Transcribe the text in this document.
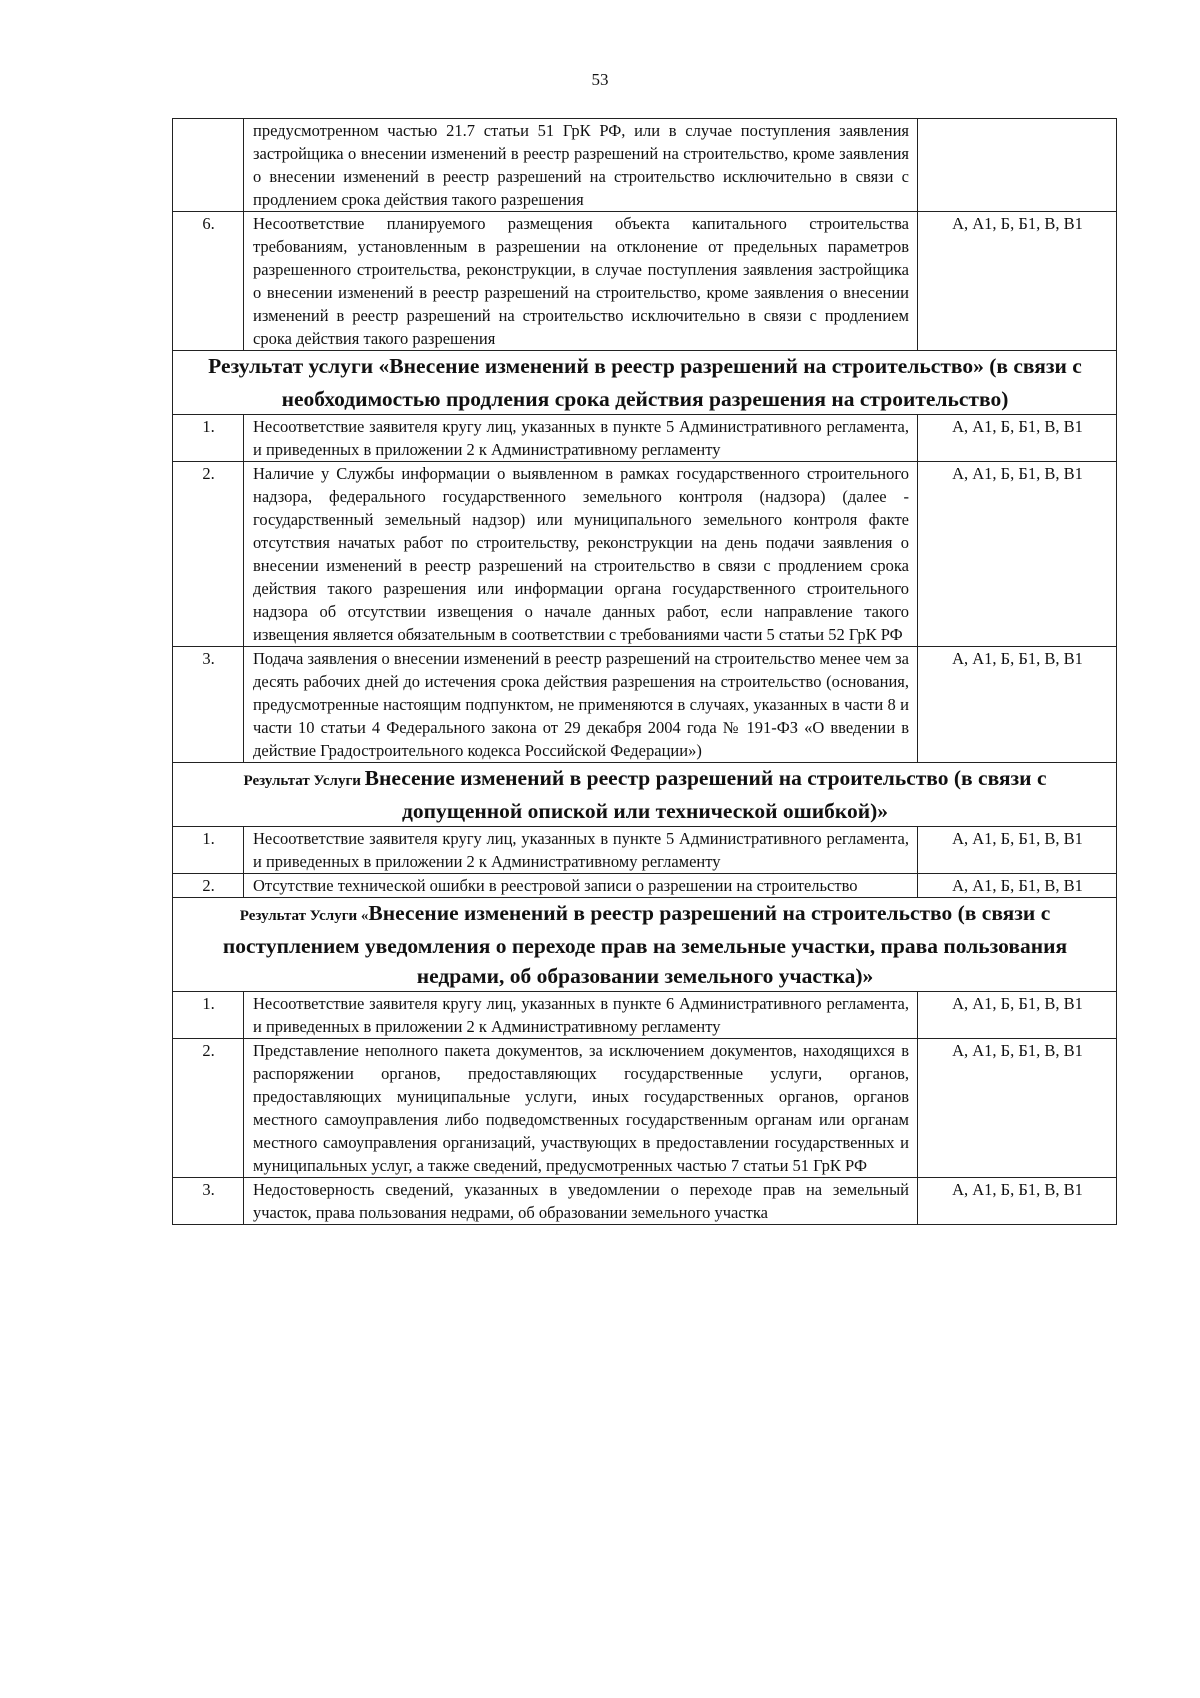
53
	предусмотренном частью 21.7 статьи 51 ГрК РФ, или в случае поступления заявления застройщика о внесении изменений в реестр разрешений на строительство, кроме заявления о внесении изменений в реестр разрешений на строительство исключительно в связи с продлением срока действия такого разрешения	
6.	Несоответствие планируемого размещения объекта капитального строительства требованиям, установленным в разрешении на отклонение от предельных параметров разрешенного строительства, реконструкции, в случае поступления заявления застройщика о внесении изменений в реестр разрешений на строительство, кроме заявления о внесении изменений в реестр разрешений на строительство исключительно в связи с продлением срока действия такого разрешения	А, А1, Б, Б1, В, В1
Результат услуги «Внесение изменений в реестр разрешений на строительство» (в связи с необходимостью продления срока действия разрешения на строительство)		
1.	Несоответствие заявителя кругу лиц, указанных в пункте 5 Административного регламента, и приведенных в приложении 2 к Административному регламенту	А, А1, Б, Б1, В, В1
2.	Наличие у Службы информации о выявленном в рамках государственного строительного надзора, федерального государственного земельного контроля (надзора) (далее - государственный земельный надзор) или муниципального земельного контроля факте отсутствия начатых работ по строительству, реконструкции на день подачи заявления о внесении изменений в реестр разрешений на строительство в связи с продлением срока действия такого разрешения или информации органа государственного строительного надзора об отсутствии извещения о начале данных работ, если направление такого извещения является обязательным в соответствии с требованиями части 5 статьи 52 ГрК РФ	А, А1, Б, Б1, В, В1
3.	Подача заявления о внесении изменений в реестр разрешений на строительство менее чем за десять рабочих дней до истечения срока действия разрешения на строительство (основания, предусмотренные настоящим подпунктом, не применяются в случаях, указанных в части 8 и части 10 статьи 4 Федерального закона от 29 декабря 2004 года № 191-ФЗ «О введении в действие Градостроительного кодекса Российской Федерации»)	А, А1, Б, Б1, В, В1
Результат Услуги Внесение изменений в реестр разрешений на строительство (в связи с допущенной опиской или технической ошибкой)»		
1.	Несоответствие заявителя кругу лиц, указанных в пункте 5 Административного регламента, и приведенных в приложении 2 к Административному регламенту	А, А1, Б, Б1, В, В1
2.	Отсутствие технической ошибки в реестровой записи о разрешении на строительство	А, А1, Б, Б1, В, В1
Результат Услуги «Внесение изменений в реестр разрешений на строительство (в связи с поступлением уведомления о переходе прав на земельные участки, права пользования недрами, об образовании земельного участка)»		
1.	Несоответствие заявителя кругу лиц, указанных в пункте 6 Административного регламента, и приведенных в приложении 2 к Административному регламенту	А, А1, Б, Б1, В, В1
2.	Представление неполного пакета документов, за исключением документов, находящихся в распоряжении органов, предоставляющих государственные услуги, органов, предоставляющих муниципальные услуги, иных государственных органов, органов местного самоуправления либо подведомственных государственным органам или органам местного самоуправления организаций, участвующих в предоставлении государственных и муниципальных услуг, а также сведений, предусмотренных частью 7 статьи 51 ГрК РФ	А, А1, Б, Б1, В, В1
3.	Недостоверность сведений, указанных в уведомлении о переходе прав на земельный участок, права пользования недрами, об образовании земельного участка	А, А1, Б, Б1, В, В1
